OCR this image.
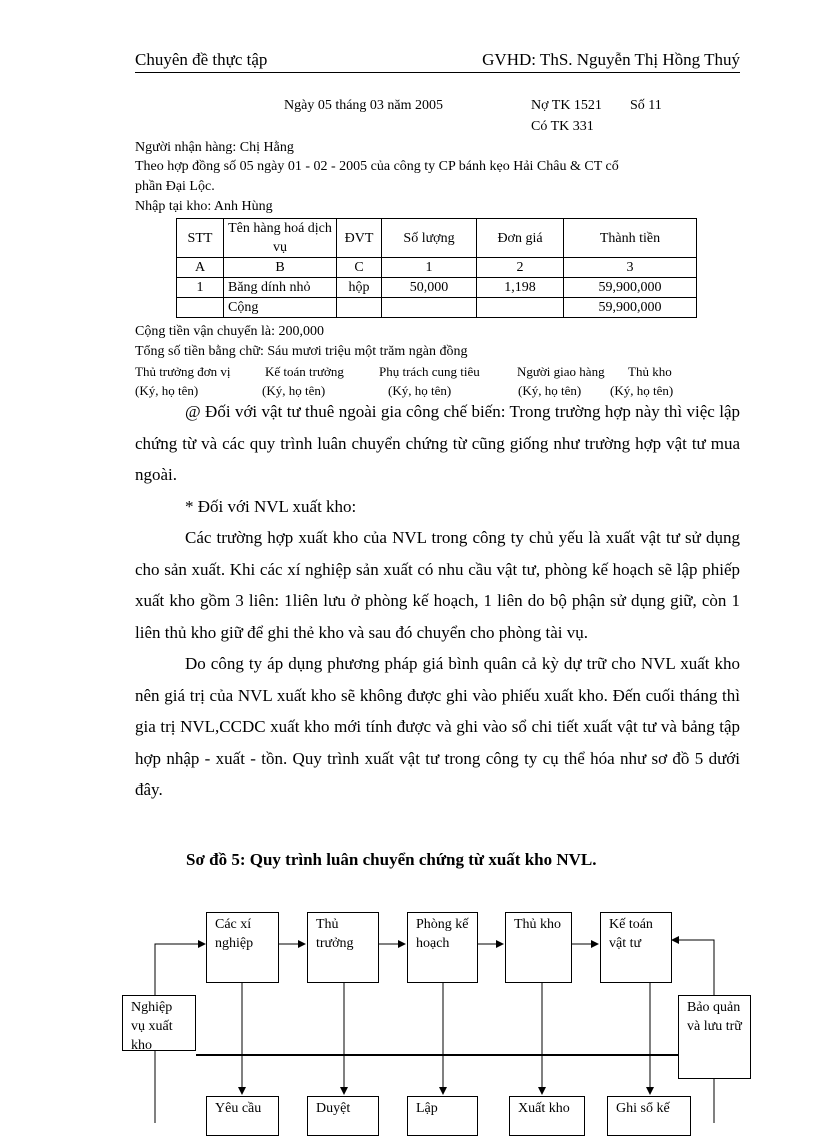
Chuyên đề thực tập	GVHD: ThS. Nguyễn Thị Hồng Thuý
Ngày 05 tháng 03 năm 2005	Nợ TK 1521 Số 11
Có TK 331
Người nhận hàng: Chị Hằng
Theo hợp đồng số 05 ngày 01 - 02 - 2005 của công ty CP bánh kẹo Hải Châu & CT cổ
phần Đại Lộc.
Nhập tại kho: Anh Hùng
STT	Tên hàng hoá dịch vụ	ĐVT	Số lượng	Đơn giá	Thành tiền
A	B	C	1	2	3
1	Băng dính nhỏ	hộp	50,000	1,198	59,900,000
	Cộng				59,900,000
Cộng tiền vận chuyển là: 200,000
Tổng số tiền bằng chữ: Sáu mươi triệu một trăm ngàn đồng
Thủ trưởng đơn vị	Kế toán trưởng	Phụ trách cung tiêu	Người giao hàng Thủ kho
(Ký, họ tên)	(Ký, họ tên)	(Ký, họ tên)	(Ký, họ tên) (Ký, họ tên)

@ Đối với vật tư thuê ngoài gia công chế biến: Trong trường hợp này thì việc lập chứng từ và các quy trình luân chuyển chứng từ cũng giống như trường hợp vật tư mua ngoài.

* Đối với NVL xuất kho:

Các trường hợp xuất kho của NVL trong công ty chủ yếu là xuất vật tư sử dụng cho sản xuất. Khi các xí nghiệp sản xuất có nhu cầu vật tư, phòng kế hoạch sẽ lập phiếp xuất kho gồm 3 liên: 1liên lưu ở phòng kế hoạch, 1 liên do bộ phận sử dụng giữ, còn 1 liên thủ kho giữ để ghi thẻ kho và sau đó chuyển cho phòng tài vụ.

Do công ty áp dụng phương pháp giá bình quân cả kỳ dự trữ cho NVL xuất kho nên giá trị của NVL xuất kho sẽ không được ghi vào phiếu xuất kho. Đến cuối tháng thì gia trị NVL,CCDC xuất kho mới tính được và ghi vào sổ chi tiết xuất vật tư và bảng tập hợp nhập - xuất - tồn. Quy trình xuất vật tư trong công ty cụ thể hóa như sơ đồ 5 dưới đây.

Sơ đồ 5: Quy trình luân chuyển chứng từ xuất kho NVL.
Các xí nghiệp
Thủ trưởng
Phòng kế hoạch
Thủ kho	Kế toán vật tư
Nghiệp vụ xuất kho
Bảo quản và lưu trữ
Yêu cầu	Duyệt	Lập	Xuất kho	Ghi sổ kế
